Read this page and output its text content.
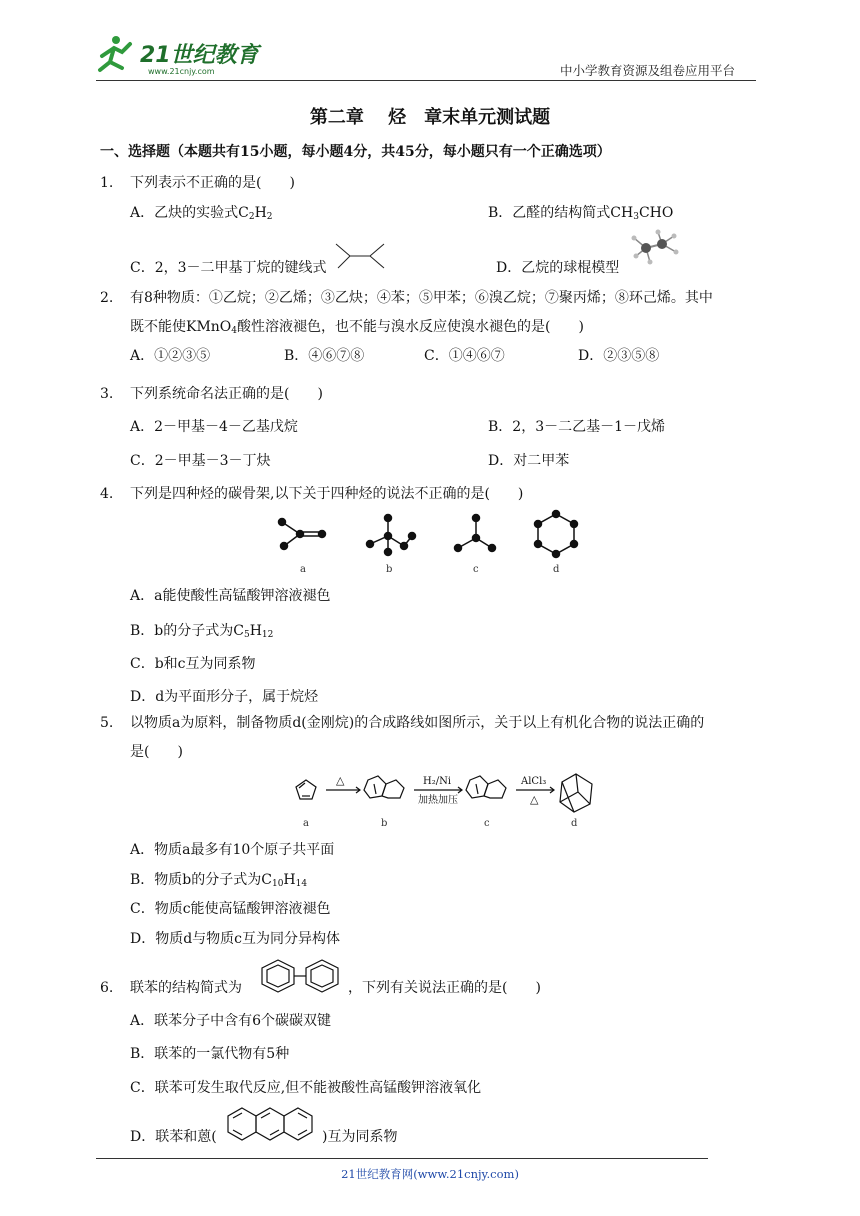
21世纪教育
www.21cnjy.com	中小学教育资源及组卷应用平台
第二章　 烃　章末单元测试题
一、选择题（本题共有15小题，每小题4分，共45分，每小题只有一个正确选项）
1. 下列表示不正确的是(　　)
A．乙炔的实验式$C_2H_2$	B．乙醛的结构简式$CH_3CHO$
C．2，3－二甲基丁烷的键线式	D．乙烷的球棍模型
2. 有8种物质：①乙烷；②乙烯；③乙炔；④苯；⑤甲苯；⑥溴乙烷；⑦聚丙烯；⑧环己烯。其中
既不能使KMnO$_4$酸性溶液褪色，也不能与溴水反应使溴水褪色的是(　　)
A．①②③⑤	B．④⑥⑦⑧	C．①④⑥⑦	D．②③⑤⑧
3. 下列系统命名法正确的是(　　)
A．2－甲基－4－乙基戊烷	B．2，3－二乙基－1－戊烯
C．2－甲基－3－丁炔	D．对二甲苯
4. 下列是四种烃的碳骨架,以下关于四种烃的说法不正确的是(　　)
a	b	c	d
A．a能使酸性高锰酸钾溶液褪色
B．b的分子式为$C_5H_{12}$
C．b和c互为同系物
D．d为平面形分子，属于烷烃
5. 以物质a为原料，制备物质d(金刚烷)的合成路线如图所示，关于以上有机化合物的说法正确的
是(　　)
△	H₂/Ni
加热加压
AlCl₃
△
a	b	c	d
A．物质a最多有10个原子共平面
B．物质b的分子式为$C_{10}H_{14}$
C．物质c能使高锰酸钾溶液褪色
D．物质d与物质c互为同分异构体
6. 联苯的结构简式为	，下列有关说法正确的是(　　)
A．联苯分子中含有6个碳碳双键
B．联苯的一氯代物有5种
C．联苯可发生取代反应,但不能被酸性高锰酸钾溶液氧化
D．联苯和蒽(	)互为同系物
21世纪教育网(www.21cnjy.com)
